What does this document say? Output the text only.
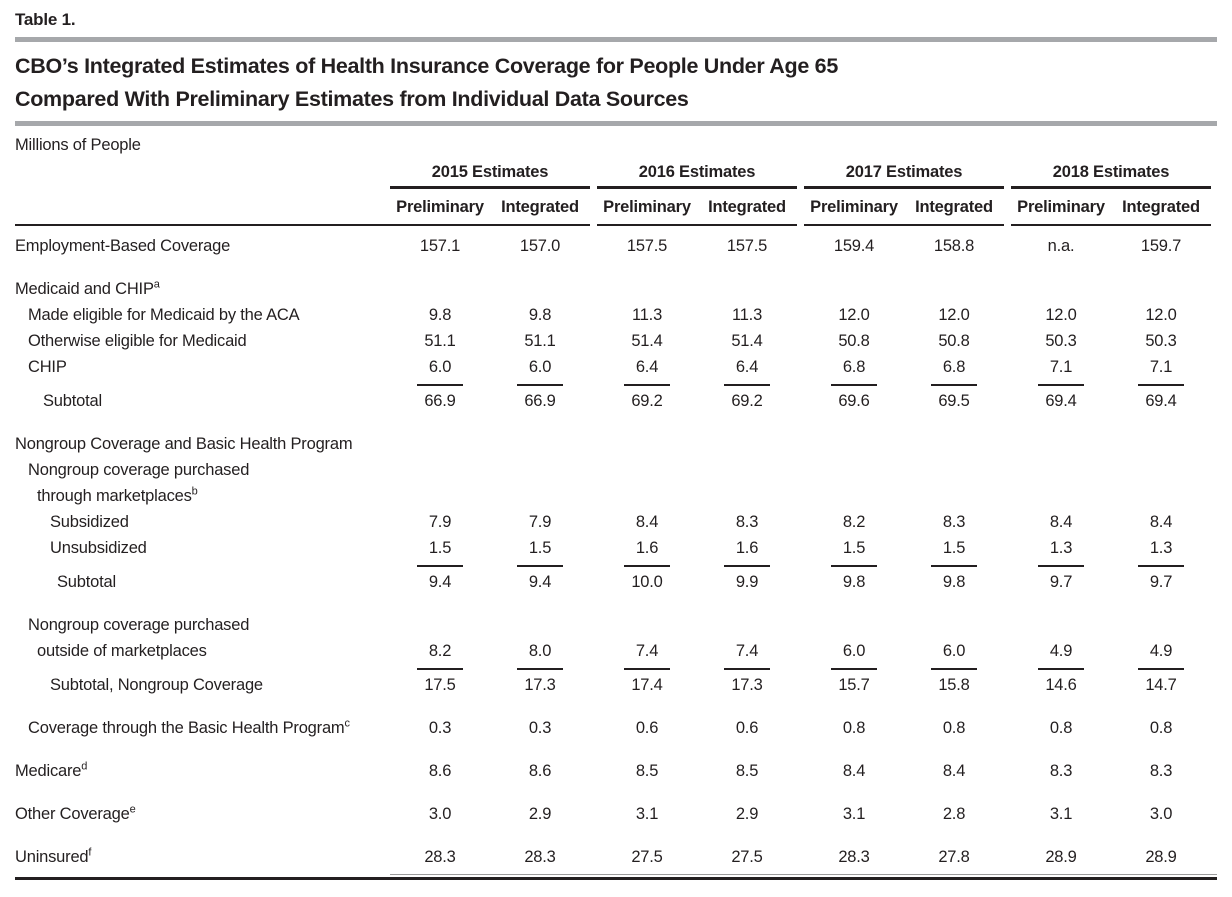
Table 1.
CBO’s Integrated Estimates of Health Insurance Coverage for People Under Age 65
Compared With Preliminary Estimates from Individual Data Sources
Millions of People
2015 Estimates	2016 Estimates	2017 Estimates	2018 Estimates
Preliminary	Integrated	Preliminary	Integrated	Preliminary	Integrated	Preliminary	Integrated
Employment-Based Coverage	157.1	157.0	157.5	157.5	159.4	158.8	n.a.	159.7
Medicaid and CHIP$^a$
Made eligible for Medicaid by the ACA	9.8	9.8	11.3	11.3	12.0	12.0	12.0	12.0
Otherwise eligible for Medicaid	51.1	51.1	51.4	51.4	50.8	50.8	50.3	50.3
CHIP	6.0	6.0	6.4	6.4	6.8	6.8	7.1	7.1
Subtotal	66.9	66.9	69.2	69.2	69.6	69.5	69.4	69.4
Nongroup Coverage and Basic Health Program
Nongroup coverage purchased
through marketplaces$^b$
Subsidized	7.9	7.9	8.4	8.3	8.2	8.3	8.4	8.4
Unsubsidized	1.5	1.5	1.6	1.6	1.5	1.5	1.3	1.3
Subtotal	9.4	9.4	10.0	9.9	9.8	9.8	9.7	9.7
Nongroup coverage purchased
outside of marketplaces	8.2	8.0	7.4	7.4	6.0	6.0	4.9	4.9
Subtotal, Nongroup Coverage	17.5	17.3	17.4	17.3	15.7	15.8	14.6	14.7
Coverage through the Basic Health Program$^c$	0.3	0.3	0.6	0.6	0.8	0.8	0.8	0.8
Medicare$^d$	8.6	8.6	8.5	8.5	8.4	8.4	8.3	8.3
Other Coverage$^e$	3.0	2.9	3.1	2.9	3.1	2.8	3.1	3.0
Uninsured$^f$	28.3	28.3	27.5	27.5	28.3	27.8	28.9	28.9
